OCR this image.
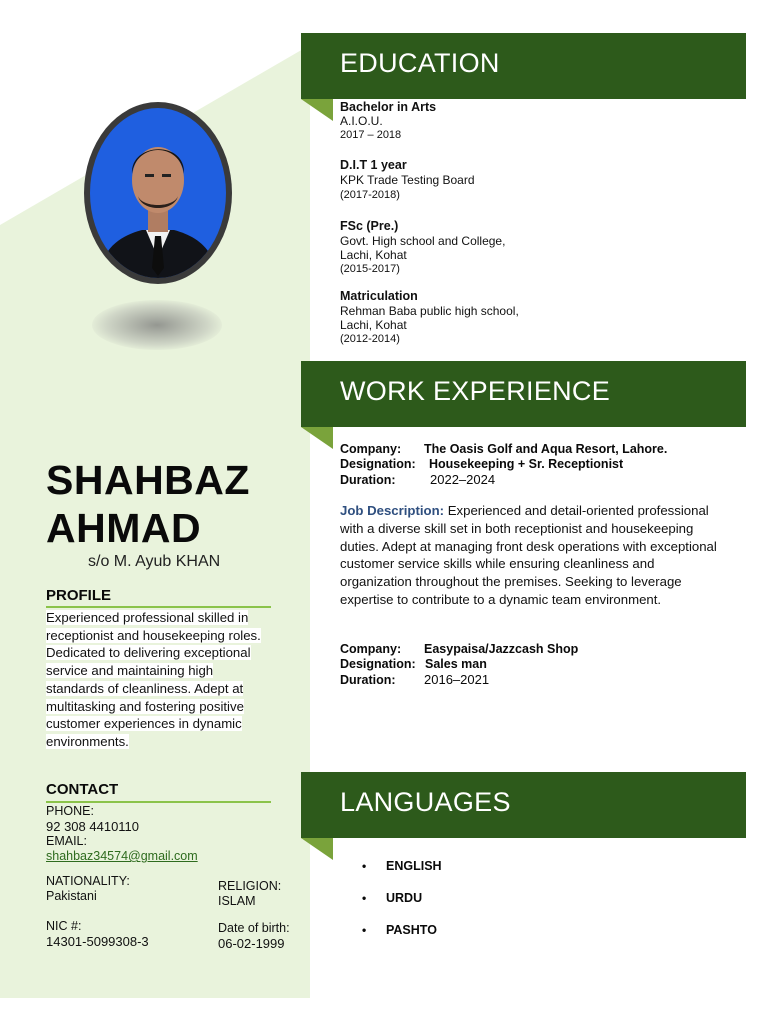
SHAHBAZ
AHMAD
s/o M. Ayub KHAN
PROFILE
Experienced professional skilled in receptionist and housekeeping roles. Dedicated to delivering exceptional service and maintaining high standards of cleanliness. Adept at multitasking and fostering positive customer experiences in dynamic environments.
CONTACT
PHONE:
92 308 4410110
EMAIL:
shahbaz34574@gmail.com
NATIONALITY:
Pakistani
RELIGION:
ISLAM
NIC #:
14301-5099308-3
Date of birth:
06-02-1999
EDUCATION
Bachelor in Arts
A.I.O.U.
2017 – 2018
D.I.T 1 year
KPK Trade Testing Board
(2017-2018)
FSc (Pre.)
Govt. High school and College,
Lachi, Kohat
(2015-2017)
Matriculation
Rehman Baba public high school,
Lachi, Kohat
(2012-2014)
WORK EXPERIENCE
Company: The Oasis Golf and Aqua Resort, Lahore.
Designation: Housekeeping + Sr. Receptionist
Duration:	2022–2024
Job Description: Experienced and detail-oriented professional with a diverse skill set in both receptionist and housekeeping duties. Adept at managing front desk operations with exceptional customer service skills while ensuring cleanliness and organization throughout the premises. Seeking to leverage expertise to contribute to a dynamic team environment.
Company: Easypaisa/Jazzcash Shop
Designation: Sales man
Duration: 2016–2021
LANGUAGES
• ENGLISH
• URDU
• PASHTO
